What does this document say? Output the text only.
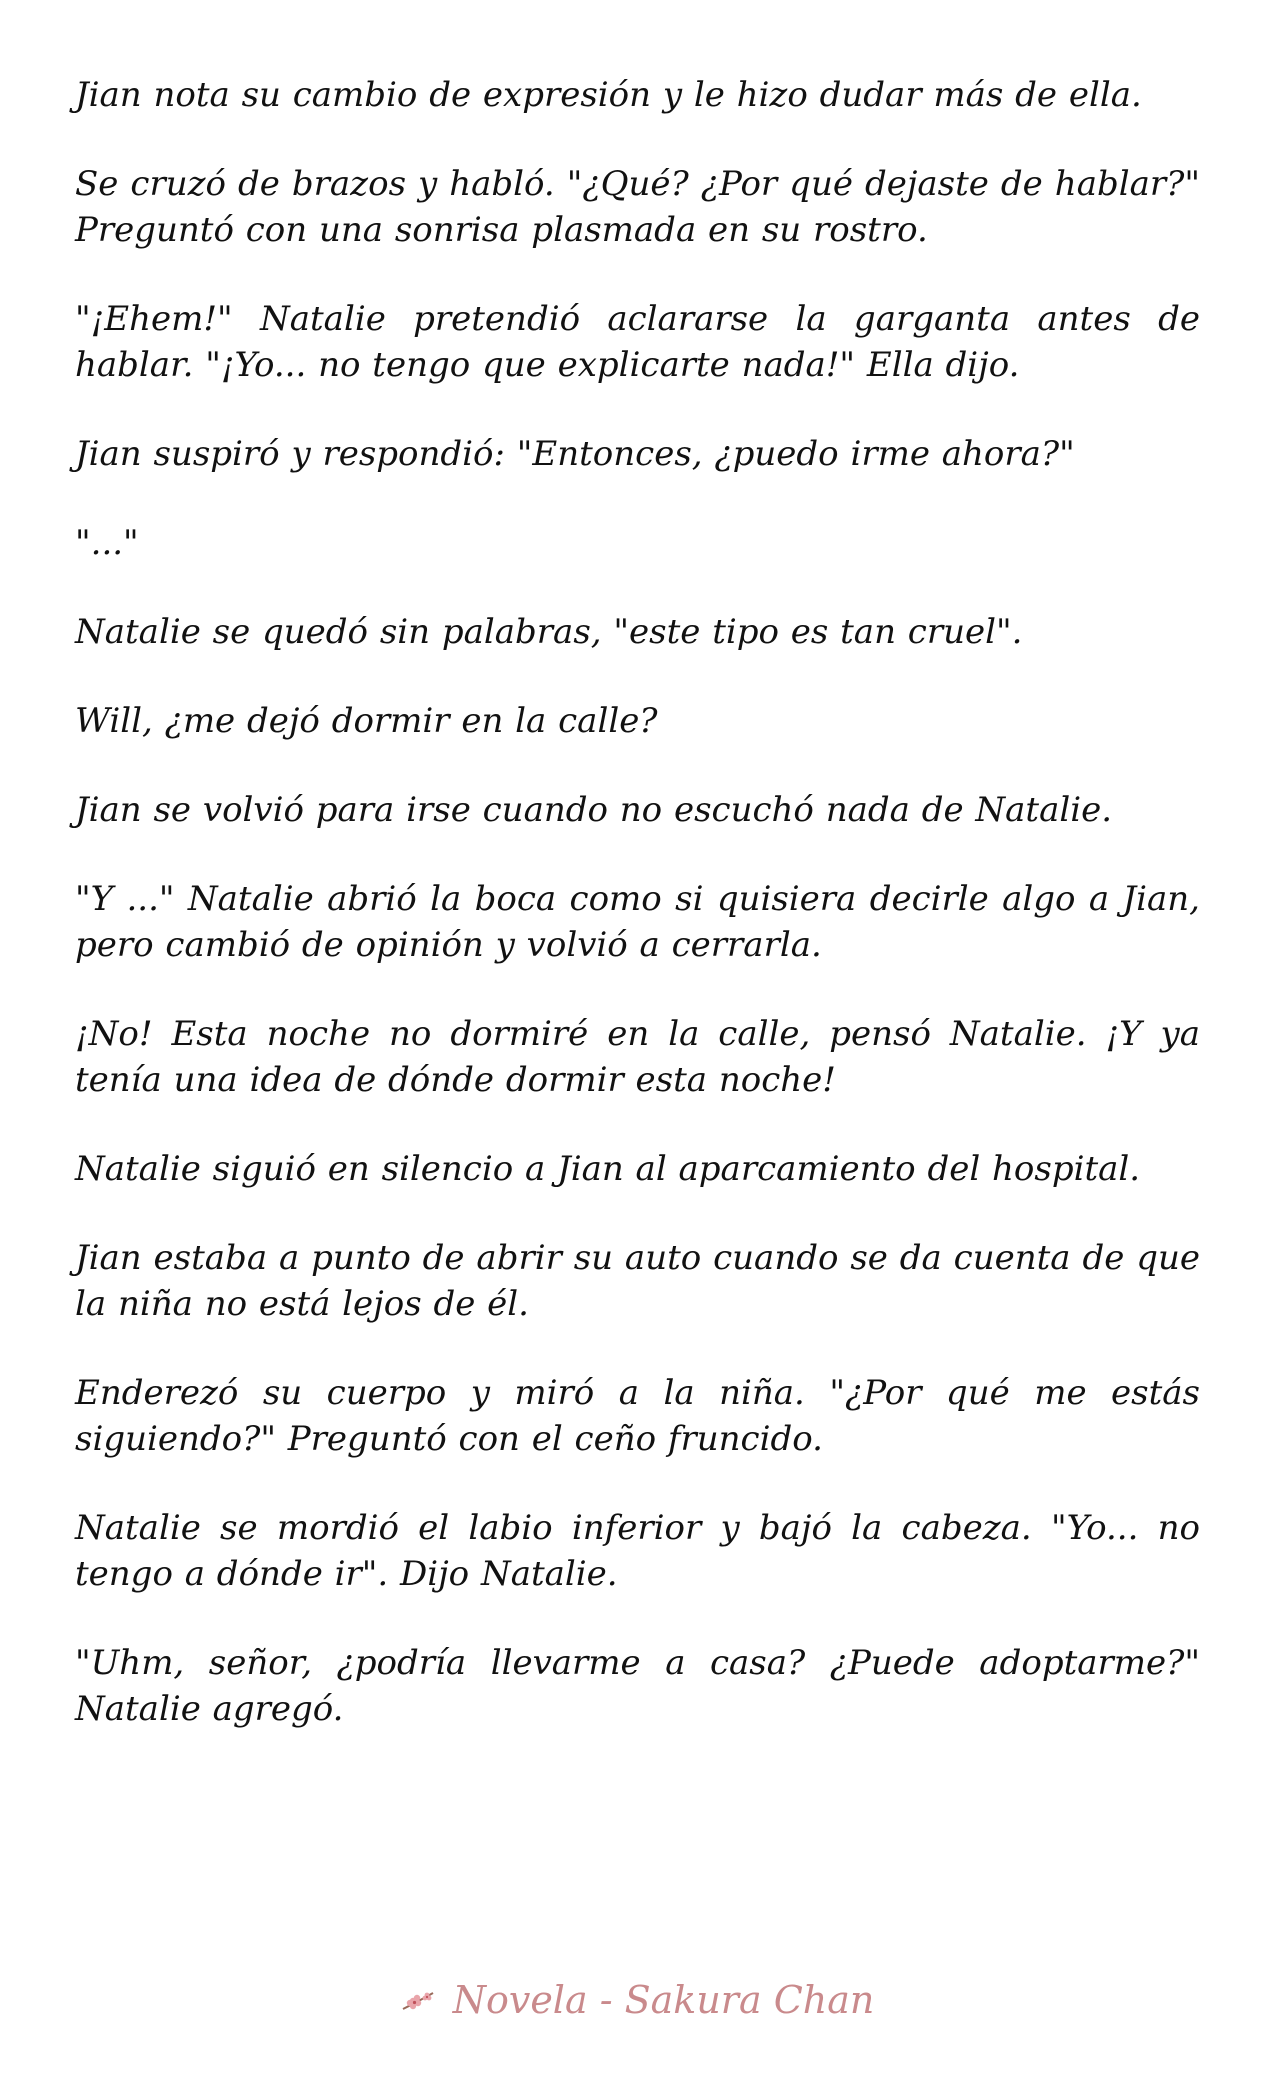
Jian nota su cambio de expresión y le hizo dudar más de ella.

Se cruzó de brazos y habló. "¿Qué? ¿Por qué dejaste de hablar?" Preguntó con una sonrisa plasmada en su rostro.

"¡Ehem!" Natalie pretendió aclararse la garganta antes de hablar. "¡Yo... no tengo que explicarte nada!" Ella dijo.

Jian suspiró y respondió: "Entonces, ¿puedo irme ahora?"

"..."

Natalie se quedó sin palabras, "este tipo es tan cruel".

Will, ¿me dejó dormir en la calle?

Jian se volvió para irse cuando no escuchó nada de Natalie.

"Y ..." Natalie abrió la boca como si quisiera decirle algo a Jian, pero cambió de opinión y volvió a cerrarla.

¡No! Esta noche no dormiré en la calle, pensó Natalie. ¡Y ya tenía una idea de dónde dormir esta noche!

Natalie siguió en silencio a Jian al aparcamiento del hospital.

Jian estaba a punto de abrir su auto cuando se da cuenta de que la niña no está lejos de él.

Enderezó su cuerpo y miró a la niña. "¿Por qué me estás siguiendo?" Preguntó con el ceño fruncido.

Natalie se mordió el labio inferior y bajó la cabeza. "Yo... no tengo a dónde ir". Dijo Natalie.

"Uhm, señor, ¿podría llevarme a casa? ¿Puede adoptarme?" Natalie agregó.

Novela - Sakura Chan
